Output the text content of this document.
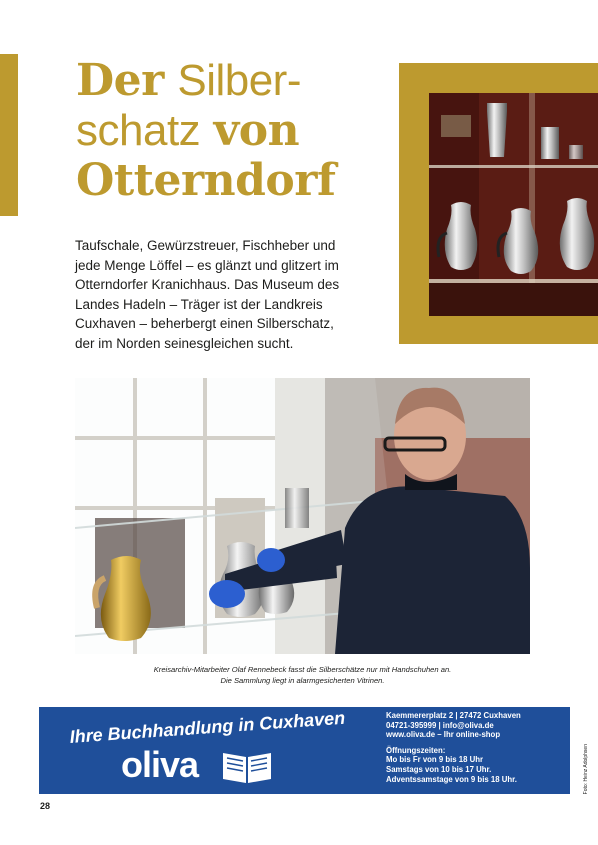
Der Silber-
schatz von
Otterndorf

Taufschale, Gewürzstreuer, Fischheber und
jede Menge Löffel – es glänzt und glitzert im
Otterndorfer Kranichhaus. Das Museum des
Landes Hadeln – Träger ist der Landkreis
Cuxhaven – beherbergt einen Silberschatz,
der im Norden seinesgleichen sucht.

Kreisarchiv-Mitarbeiter Olaf Rennebeck fasst die Silberschätze nur mit Handschuhen an.
Die Sammlung liegt in alarmgesicherten Vitrinen.
Ihre Buchhandlung in Cuxhaven
oliva
Kaemmererplatz 2 | 27472 Cuxhaven
04721-395999 | info@oliva.de
www.oliva.de – Ihr online-shop
Öffnungszeiten:
Mo bis Fr von 9 bis 18 Uhr
Samstags von 10 bis 17 Uhr.
Adventssamstage von 9 bis 18 Uhr.	Foto: Heinz Adolphsen
28
